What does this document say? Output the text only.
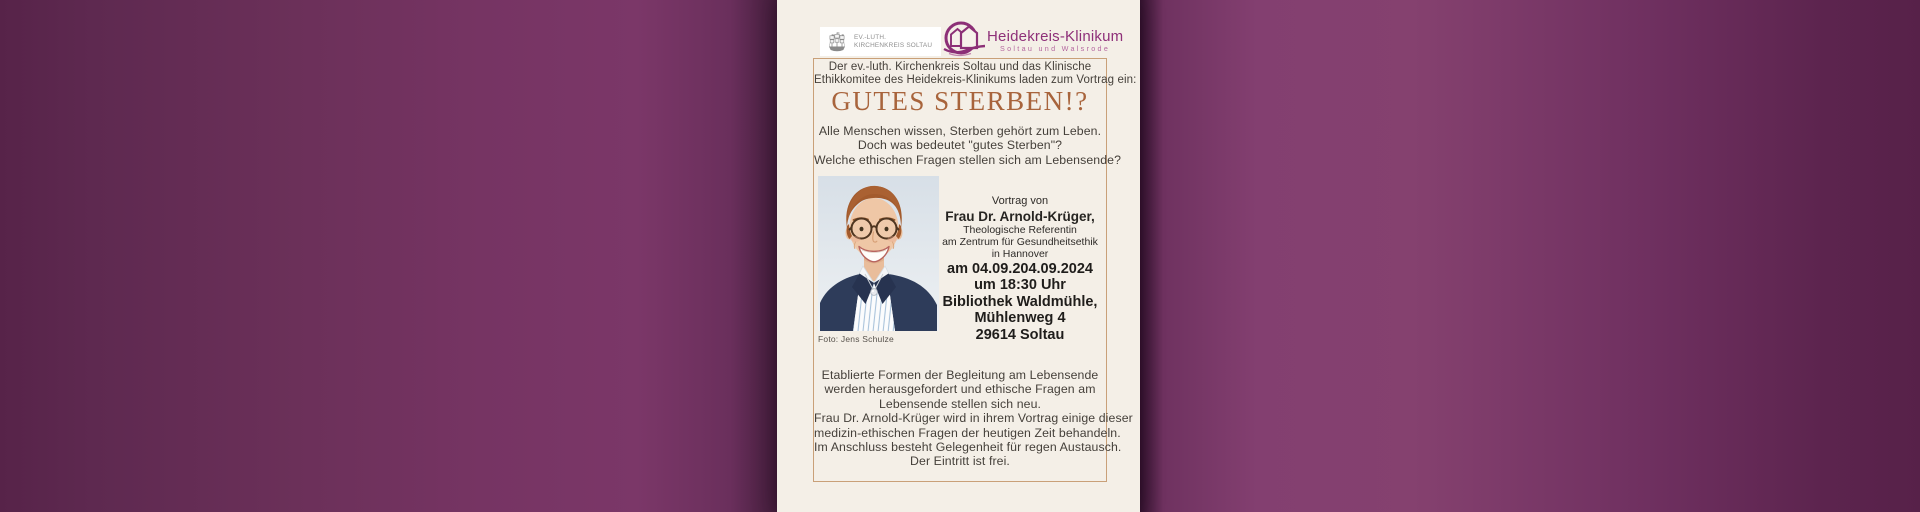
EV.-LUTH.
KIRCHENKREIS SOLTAU
Heidekreis-Klinikum
Soltau und Walsrode
Der ev.-luth. Kirchenkreis Soltau und das Klinische
Ethikkomitee des Heidekreis-Klinikums laden zum Vortrag ein:
GUTES STERBEN!?
Alle Menschen wissen, Sterben gehört zum Leben.
Doch was bedeutet "gutes Sterben"?
Welche ethischen Fragen stellen sich am Lebensende?
Foto: Jens Schulze
Vortrag von
Frau Dr. Arnold-Krüger,
Theologische Referentin
am Zentrum für Gesundheitsethik
in Hannover
am 04.09.204.09.2024
um 18:30 Uhr
Bibliothek Waldmühle,
Mühlenweg 4
29614 Soltau
Etablierte Formen der Begleitung am Lebensende
werden herausgefordert und ethische Fragen am
Lebensende stellen sich neu.
Frau Dr. Arnold-Krüger wird in ihrem Vortrag einige dieser
medizin-ethischen Fragen der heutigen Zeit behandeln.
Im Anschluss besteht Gelegenheit für regen Austausch.
Der Eintritt ist frei.
